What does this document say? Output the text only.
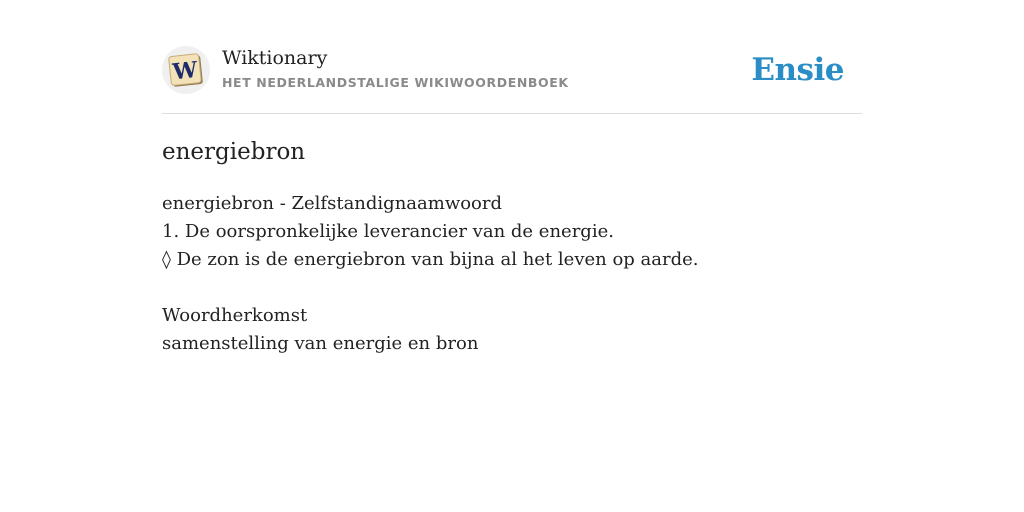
W Wiktionary
HET NEDERLANDSTALIGE WIKIWOORDENBOEK	Ensie
energiebron
energiebron - Zelfstandignaamwoord
1. De oorspronkelijke leverancier van de energie.
◊ De zon is de energiebron van bijna al het leven op aarde.
Woordherkomst
samenstelling van energie en bron
